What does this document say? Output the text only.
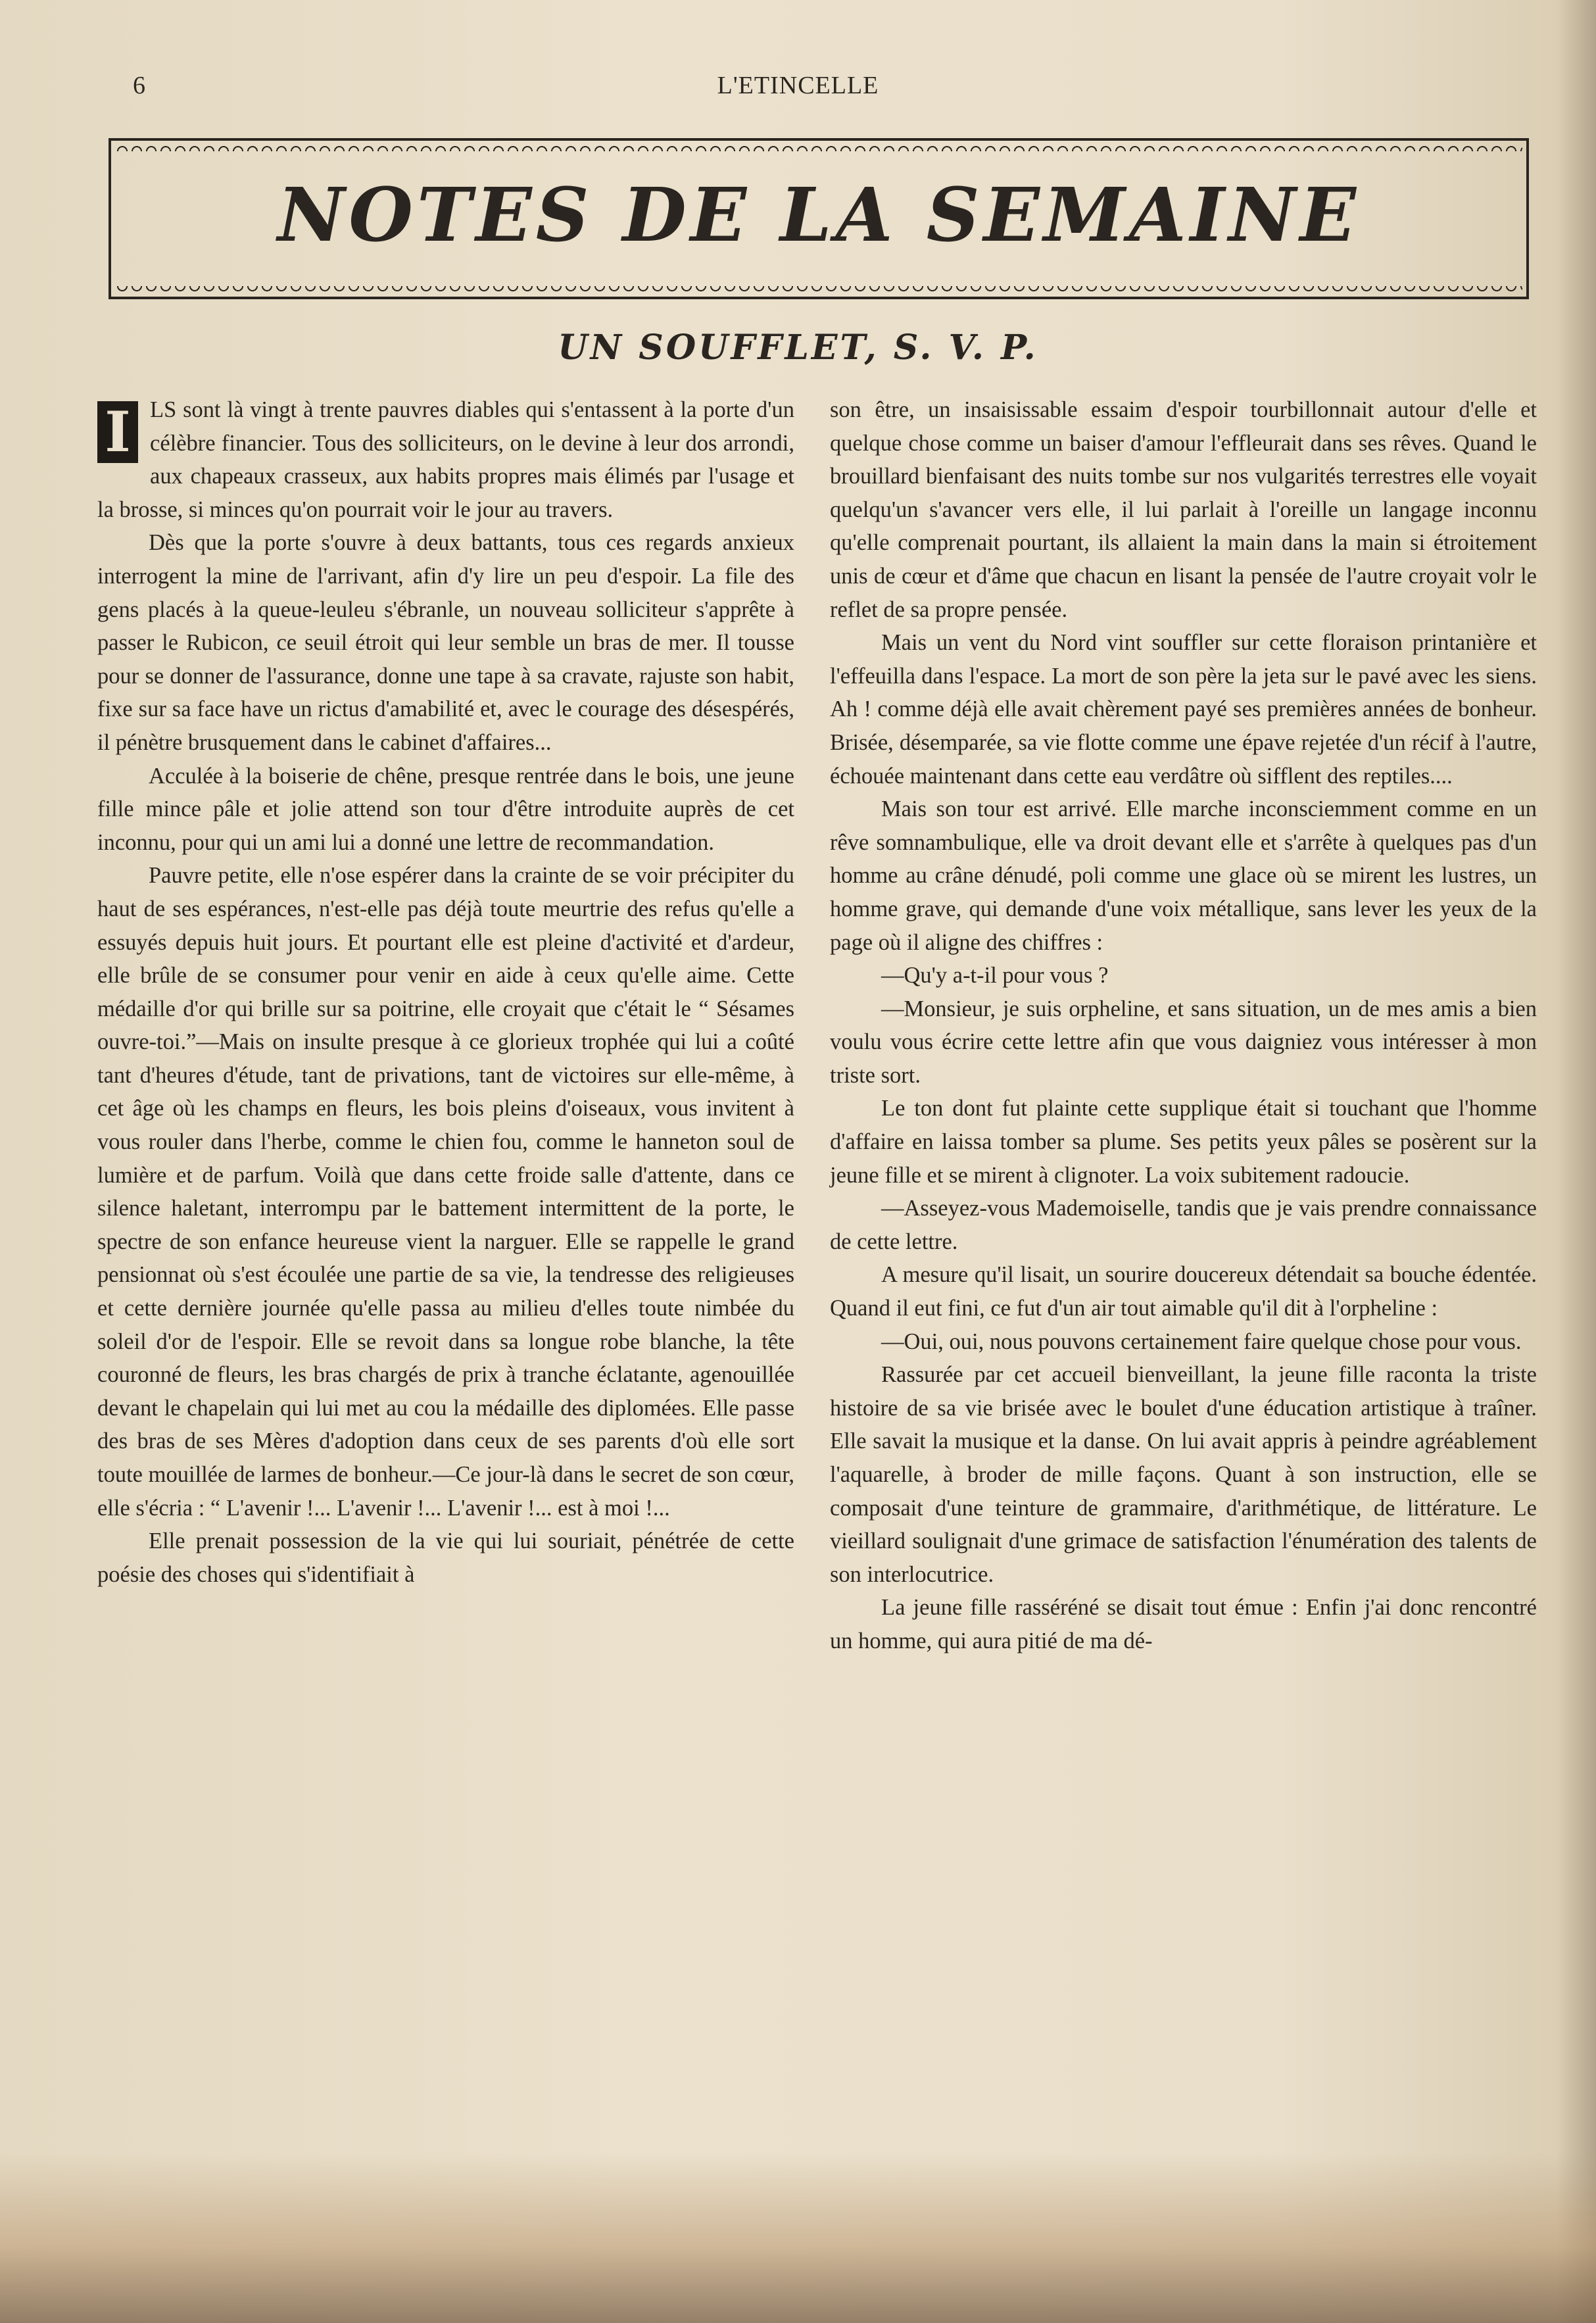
6	L'ETINCELLE
NOTES DE LA SEMAINE
UN SOUFFLET, S. V. P.

I LS sont là vingt à trente pauvres diables qui s'entassent à la porte d'un célèbre financier. Tous des solliciteurs, on le devine à leur dos arrondi, aux chapeaux crasseux, aux habits propres mais élimés par l'usage et la brosse, si minces qu'on pourrait voir le jour au travers.

Dès que la porte s'ouvre à deux battants, tous ces regards anxieux interrogent la mine de l'arrivant, afin d'y lire un peu d'espoir. La file des gens placés à la queue-leuleu s'ébranle, un nouveau solliciteur s'apprête à passer le Rubicon, ce seuil étroit qui leur semble un bras de mer. Il tousse pour se donner de l'assurance, donne une tape à sa cravate, rajuste son habit, fixe sur sa face have un rictus d'amabilité et, avec le courage des désespérés, il pénètre brusquement dans le cabinet d'affaires...

Acculée à la boiserie de chêne, presque rentrée dans le bois, une jeune fille mince pâle et jolie attend son tour d'être introduite auprès de cet inconnu, pour qui un ami lui a donné une lettre de recommandation.

Pauvre petite, elle n'ose espérer dans la crainte de se voir précipiter du haut de ses espérances, n'est-elle pas déjà toute meurtrie des refus qu'elle a essuyés depuis huit jours. Et pourtant elle est pleine d'activité et d'ardeur, elle brûle de se consumer pour venir en aide à ceux qu'elle aime. Cette médaille d'or qui brille sur sa poitrine, elle croyait que c'était le “ Sésames ouvre-toi.”—Mais on insulte presque à ce glorieux trophée qui lui a coûté tant d'heures d'étude, tant de privations, tant de victoires sur elle-même, à cet âge où les champs en fleurs, les bois pleins d'oiseaux, vous invitent à vous rouler dans l'herbe, comme le chien fou, comme le hanneton soul de lumière et de parfum. Voilà que dans cette froide salle d'attente, dans ce silence haletant, interrompu par le battement intermittent de la porte, le spectre de son enfance heureuse vient la narguer. Elle se rappelle le grand pensionnat où s'est écoulée une partie de sa vie, la tendresse des religieuses et cette dernière journée qu'elle passa au milieu d'elles toute nimbée du soleil d'or de l'espoir. Elle se revoit dans sa longue robe blanche, la tête couronné de fleurs, les bras chargés de prix à tranche éclatante, agenouillée devant le chapelain qui lui met au cou la médaille des diplomées. Elle passe des bras de ses Mères d'adoption dans ceux de ses parents d'où elle sort toute mouillée de larmes de bonheur.—Ce jour-là dans le secret de son cœur, elle s'écria : “ L'avenir !... L'avenir !... L'avenir !... est à moi !...

Elle prenait possession de la vie qui lui souriait, pénétrée de cette poésie des choses qui s'identifiait à

son être, un insaisissable essaim d'espoir tourbillonnait autour d'elle et quelque chose comme un baiser d'amour l'effleurait dans ses rêves. Quand le brouillard bienfaisant des nuits tombe sur nos vulgarités terrestres elle voyait quelqu'un s'avancer vers elle, il lui parlait à l'oreille un langage inconnu qu'elle comprenait pourtant, ils allaient la main dans la main si étroitement unis de cœur et d'âme que chacun en lisant la pensée de l'autre croyait volr le reflet de sa propre pensée.

Mais un vent du Nord vint souffler sur cette floraison printanière et l'effeuilla dans l'espace. La mort de son père la jeta sur le pavé avec les siens. Ah ! comme déjà elle avait chèrement payé ses premières années de bonheur. Brisée, désemparée, sa vie flotte comme une épave rejetée d'un récif à l'autre, échouée maintenant dans cette eau verdâtre où sifflent des reptiles....

Mais son tour est arrivé. Elle marche inconsciemment comme en un rêve somnambulique, elle va droit devant elle et s'arrête à quelques pas d'un homme au crâne dénudé, poli comme une glace où se mirent les lustres, un homme grave, qui demande d'une voix métallique, sans lever les yeux de la page où il aligne des chiffres :

—Qu'y a-t-il pour vous ?

—Monsieur, je suis orpheline, et sans situation, un de mes amis a bien voulu vous écrire cette lettre afin que vous daigniez vous intéresser à mon triste sort.

Le ton dont fut plainte cette supplique était si touchant que l'homme d'affaire en laissa tomber sa plume. Ses petits yeux pâles se posèrent sur la jeune fille et se mirent à clignoter. La voix subitement radoucie.

—Asseyez-vous Mademoiselle, tandis que je vais prendre connaissance de cette lettre.

A mesure qu'il lisait, un sourire doucereux détendait sa bouche édentée. Quand il eut fini, ce fut d'un air tout aimable qu'il dit à l'orpheline :

—Oui, oui, nous pouvons certainement faire quelque chose pour vous.

Rassurée par cet accueil bienveillant, la jeune fille raconta la triste histoire de sa vie brisée avec le boulet d'une éducation artistique à traîner. Elle savait la musique et la danse. On lui avait appris à peindre agréablement l'aquarelle, à broder de mille façons. Quant à son instruction, elle se composait d'une teinture de grammaire, d'arithmétique, de littérature. Le vieillard soulignait d'une grimace de satisfaction l'énumération des talents de son interlocutrice.

La jeune fille rasséréné se disait tout émue : Enfin j'ai donc rencontré un homme, qui aura pitié de ma dé-
